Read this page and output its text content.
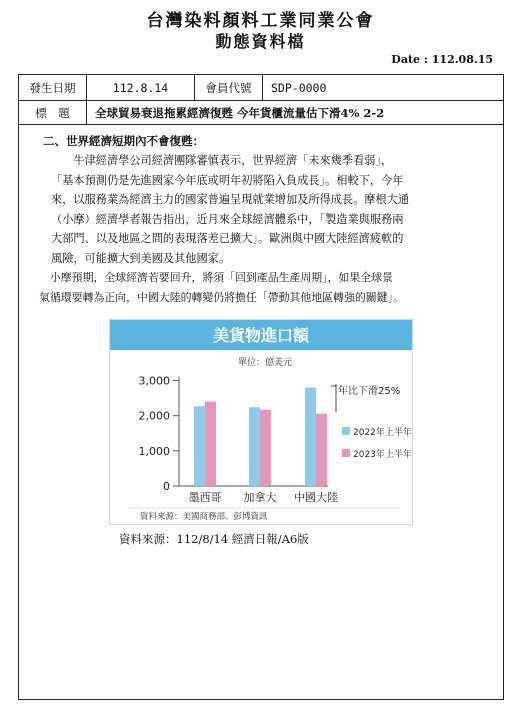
台灣染料顏料工業同業公會
動態資料檔
Date : 112.08.15
發生日期	112.8.14	會員代號 SDP-0000
標　題 全球貿易衰退拖累經濟復甦 今年貨櫃流量估下滑4% 2-2
二、世界經濟短期內不會復甦：
　　牛津經濟學公司經濟團隊審慎表示，世界經濟「未來幾季看弱」，
「基本預測仍是先進國家今年底或明年初將陷入負成長」。相較下，今年
來，以服務業為經濟主力的國家普遍呈現就業增加及所得成長。摩根大通
（小摩）經濟學者報告指出，近月來全球經濟體系中，「製造業與服務兩
大部門、以及地區之間的表現落差已擴大」。歐洲與中國大陸經濟疲軟的
風險，可能擴大到美國及其他國家。
　小摩預期，全球經濟若要回升，將須「回到產品生產周期」，如果全球景
氣循環要轉為正向，中國大陸的轉變仍將擔任「帶動其他地區轉強的關鍵」。
美貨物進口額
單位：億美元
3,000
2,000
1,000
0
墨西哥 加拿大 中國大陸
年比下滑25%
2022年上半年
2023年上半年
資料來源：美國商務部、彭博資訊
資料來源：112/8/14 經濟日報/A6版
